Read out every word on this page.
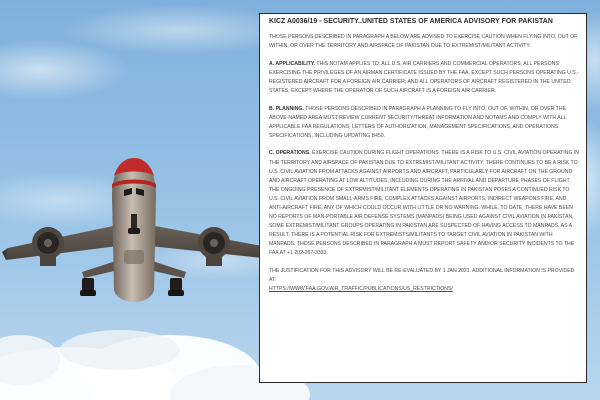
KICZ A0036/19 - SECURITY..UNITED STATES OF AMERICA ADVISORY FOR PAKISTAN

THOSE PERSONS DESCRIBED IN PARAGRAPH A BELOW ARE ADVISED TO EXERCISE CAUTION WHEN FLYING INTO, OUT OF, WITHIN, OR OVER THE TERRITORY AND AIRSPACE OF PAKISTAN DUE TO EXTREMIST/MILITANT ACTIVITY.

A. APPLICABILITY. THIS NOTAM APPLIES TO: ALL U.S. AIR CARRIERS AND COMMERCIAL OPERATORS; ALL PERSONS EXERCISING THE PRIVILEGES OF AN AIRMAN CERTIFICATE ISSUED BY THE FAA, EXCEPT SUCH PERSONS OPERATING U.S.-REGISTERED AIRCRAFT FOR A FOREIGN AIR CARRIER; AND ALL OPERATORS OF AIRCRAFT REGISTERED IN THE UNITED STATES, EXCEPT WHERE THE OPERATOR OF SUCH AIRCRAFT IS A FOREIGN AIR CARRIER.

B. PLANNING. THOSE PERSONS DESCRIBED IN PARAGRAPH A PLANNING TO FLY INTO, OUT OF, WITHIN, OR OVER THE ABOVE-NAMED AREA MUST REVIEW CURRENT SECURITY/THREAT INFORMATION AND NOTAMS AND COMPLY WITH ALL APPLICABLE FAA REGULATIONS, LETTERS OF AUTHORIZATION, MANAGEMENT SPECIFICATIONS, AND OPERATIONS SPECIFICATIONS, INCLUDING UPDATING B450.

C. OPERATIONS. EXERCISE CAUTION DURING FLIGHT OPERATIONS. THERE IS A RISK TO U.S. CIVIL AVIATION OPERATING IN THE TERRITORY AND AIRSPACE OF PAKISTAN DUE TO EXTREMIST/MILITANT ACTIVITY. THERE CONTINUES TO BE A RISK TO U.S. CIVIL AVIATION FROM ATTACKS AGAINST AIRPORTS AND AIRCRAFT, PARTICULARLY FOR AIRCRAFT ON THE GROUND AND AIRCRAFT OPERATING AT LOW ALTITUDES, INCLUDING DURING THE ARRIVAL AND DEPARTURE PHASES OF FLIGHT. THE ONGOING PRESENCE OF EXTREMIST/MILITANT ELEMENTS OPERATING IN PAKISTAN POSES A CONTINUED RISK TO U.S. CIVIL AVIATION FROM SMALL-ARMS FIRE, COMPLEX ATTACKS AGAINST AIRPORTS, INDIRECT WEAPONS FIRE, AND ANTI-AIRCRAFT FIRE, ANY OF WHICH COULD OCCUR WITH LITTLE OR NO WARNING. WHILE, TO DATE, THERE HAVE BEEN NO REPORTS OF MAN-PORTABLE AIR DEFENSE SYSTEMS (MANPADS) BEING USED AGAINST CIVIL AVIATION IN PAKISTAN, SOME EXTREMIST/MILITANT GROUPS OPERATING IN PAKISTAN ARE SUSPECTED OF HAVING ACCESS TO MANPADS. AS A RESULT, THERE IS A POTENTIAL RISK FOR EXTREMISTS/MILITANTS TO TARGET CIVIL AVIATION IN PAKISTAN WITH MANPADS. THOSE PERSONS DESCRIBED IN PARAGRAPH A MUST REPORT SAFETY AND/OR SECURITY INCIDENTS TO THE FAA AT +1 202-267-3333.

THE JUSTIFICATION FOR THIS ADVISORY WILL BE RE-EVALUATED BY 1 JAN 2021. ADDITIONAL INFORMATION IS PROVIDED AT:
HTTPS://WWW.FAA.GOV/AIR_TRAFFIC/PUBLICATIONS/US_RESTRICTIONS/
